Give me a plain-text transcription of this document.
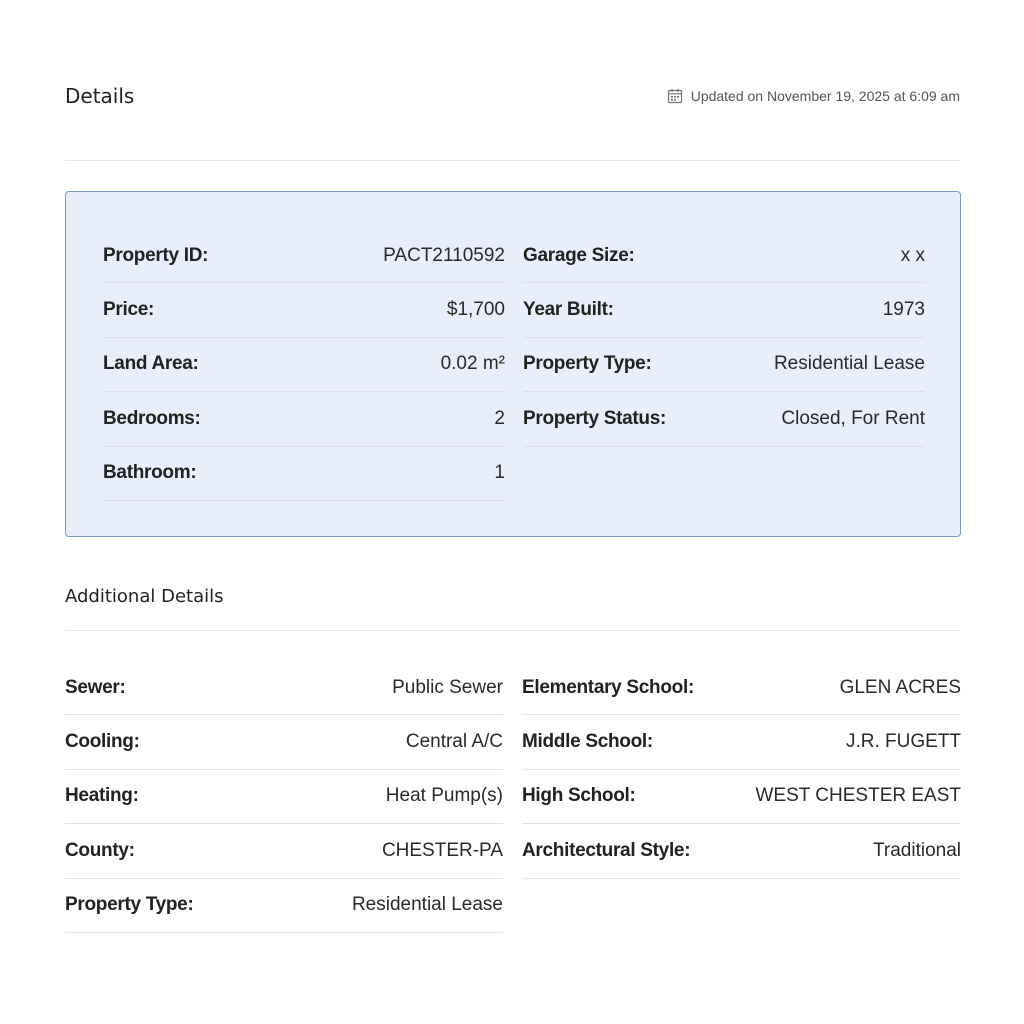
Details	Updated on November 19, 2025 at 6:09 am
Property ID:	PACT2110592
Price:	$1,700
Land Area:	0.02 m²
Bedrooms:	2
Bathroom:	1
Garage Size:	x x
Year Built:	1973
Property Type:	Residential Lease
Property Status:	Closed, For Rent
Additional Details
Sewer:	Public Sewer
Cooling:	Central A/C
Heating:	Heat Pump(s)
County:	CHESTER-PA
Property Type:	Residential Lease
Elementary School:	GLEN ACRES
Middle School:	J.R. FUGETT
High School:	WEST CHESTER EAST
Architectural Style:	Traditional
